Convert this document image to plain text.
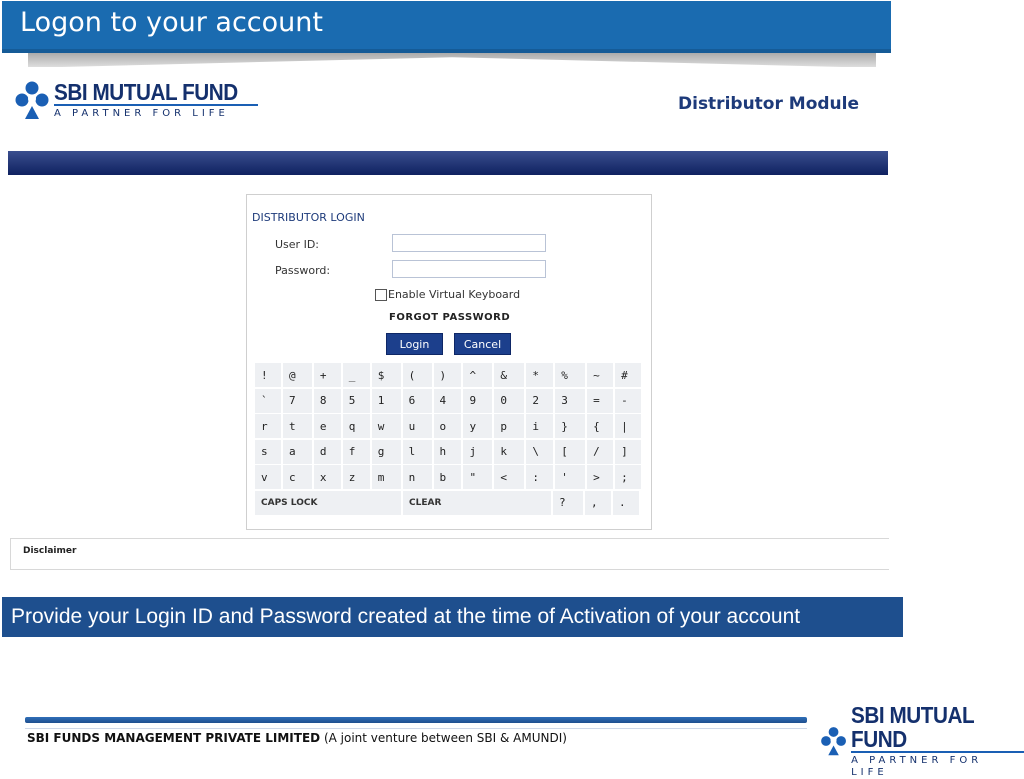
Logon to your account
SBI MUTUAL FUND
A PARTNER FOR LIFE	Distributor Module
DISTRIBUTOR LOGIN
User ID:
Password:
Enable Virtual Keyboard
FORGOT PASSWORD
Login	Cancel
!	@	+	_	$	(	)	^	&	*	%	~	#
`	7	8	5	1	6	4	9	0	2	3	=	-
r	t	e	q	w	u	o	y	p	i	}	{	|
s	a	d	f	g	l	h	j	k	\	[	/	]
v	c	x	z	m	n	b	"	<	:	'	>	;
CAPS LOCK	CLEAR	?	,	.
Disclaimer
Provide your Login ID and Password created at the time of Activation of your account
SBI FUNDS MANAGEMENT PRIVATE LIMITED (A joint venture between SBI & AMUNDI)
SBI MUTUAL FUND
A PARTNER FOR LIFE
